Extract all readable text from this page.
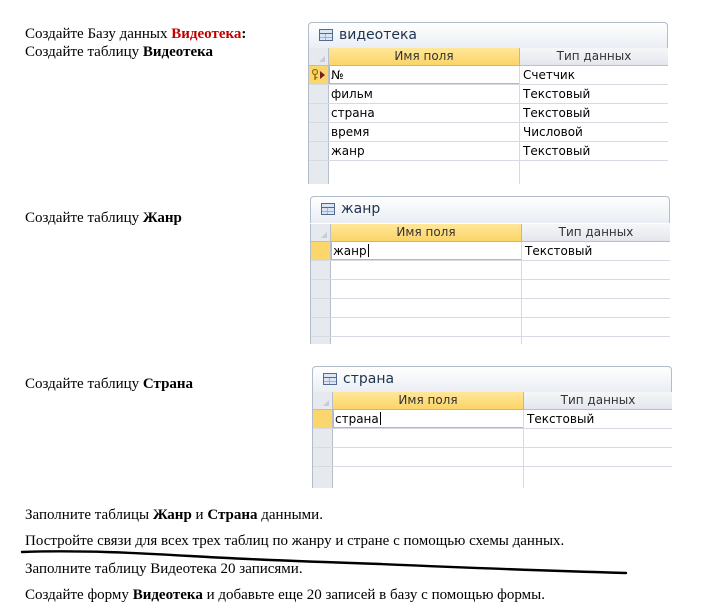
Создайте Базу данных Видеотека:
Создайте таблицу Видеотека
Создайте таблицу Жанр
Создайте таблицу Страна
видеотека
Имя поля	Тип данных
№	Счетчик
фильм	Текстовый
страна	Текстовый
время	Числовой
жанр	Текстовый
жанр
Имя поля	Тип данных
жанр	Текстовый
страна
Имя поля	Тип данных
страна	Текстовый
Заполните таблицы Жанр и Страна данными.
Постройте связи для всех трех таблиц по жанру и стране с помощью схемы данных.
Заполните таблицу Видеотека 20 записями.
Создайте форму Видеотека и добавьте еще 20 записей в базу с помощью формы.
